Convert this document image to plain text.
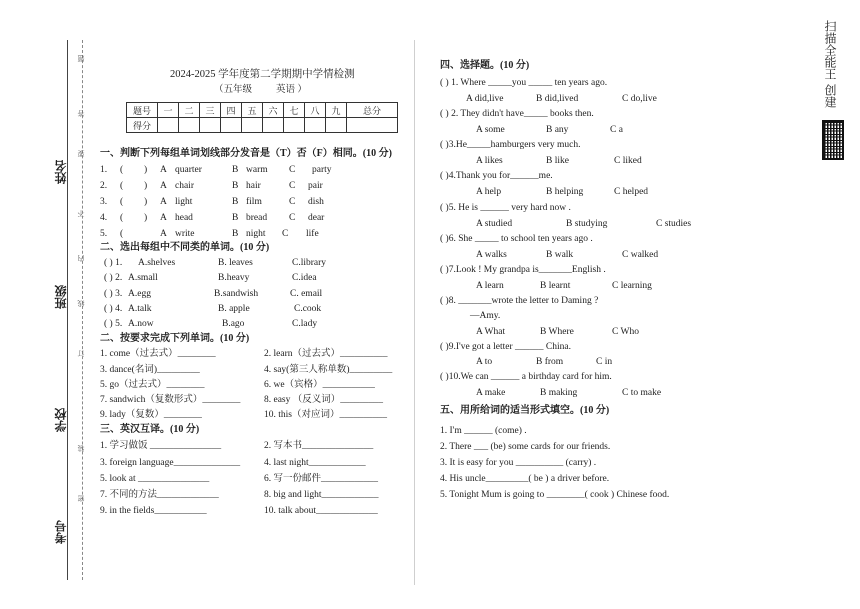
考号
学校
班级
姓名
题
答
要
不
内
线
订
装
密
2024-2025 学年度第二学期期中学情检测
（五年级	英语 ）
题号	一	二	三	四	五	六	七	八	九	总分
得分										
一、判断下列每组单词划线部分发音是（T）否（F）相同。(10 分)
1. ( ) A quarter	B warm C party
2. ( ) A chair	B hair	C pair
3. ( ) A light	B film	C dish
4. ( ) A head	B bread C dear
5. (	A write	B night C life
二、选出每组中不同类的单词。(10 分)
( ) 1. A.shelves	B. leaves	C.library
( ) 2. A.small	B.heavy	C.idea
( ) 3. A.egg	B.sandwish	C. email
( ) 4. A.talk	B. apple	C.cook
( ) 5. A.now	B.ago	C.lady
二、按要求完成下列单词。(10 分)
1. come（过去式）________	2. learn（过去式）__________
3. dance(名词)_________	4. say(第三人称单数)_________
5. go（过去式）________	6. we（宾格）___________
7. sandwich（复数形式）________ 8. easy （反义词）_________
9. lady（复数）________	10. this（对应词）__________
三、英汉互译。(10 分)
1. 学习做饭 _______________	2. 写本书_______________
3. foreign language______________	4. last night____________
5. look at _______________	6. 写一份邮件____________
7. 不同的方法_____________	8. big and light____________
9. in the fields___________	10. talk about_____________
四、选择题。(10 分)
( ) 1. Where _____you _____ ten years ago.
A did,live	B did,lived	C do,live
( ) 2. They didn't have_____ books then.
A some	B any	C a
( )3.He_____hamburgers very much.
A likes	B like	C liked
( )4.Thank you for______me.
A help	B helping	C helped
( )5. He is ______ very hard now .
A studied	B studying	C studies
( )6. She _____ to school ten years ago .
A walks	B walk	C walked
( )7.Look ! My grandpa is_______English .
A learn	B learnt	C learning
( )8. _______wrote the letter to Daming ?
—Amy.
A What	B Where	C Who
( )9.I've got a letter ______ China.
A to	B from	C in
( )10.We can ______ a birthday card for him.
A make	B making	C to make
五、用所给词的适当形式填空。(10 分)
1. I'm ______ (come) .
2. There ___ (be) some cards for our friends.
3. It is easy for you __________ (carry) .
4. His uncle_________( be ) a driver before.
5. Tonight Mum is going to ________( cook ) Chinese food.
扫描全能王 创建
